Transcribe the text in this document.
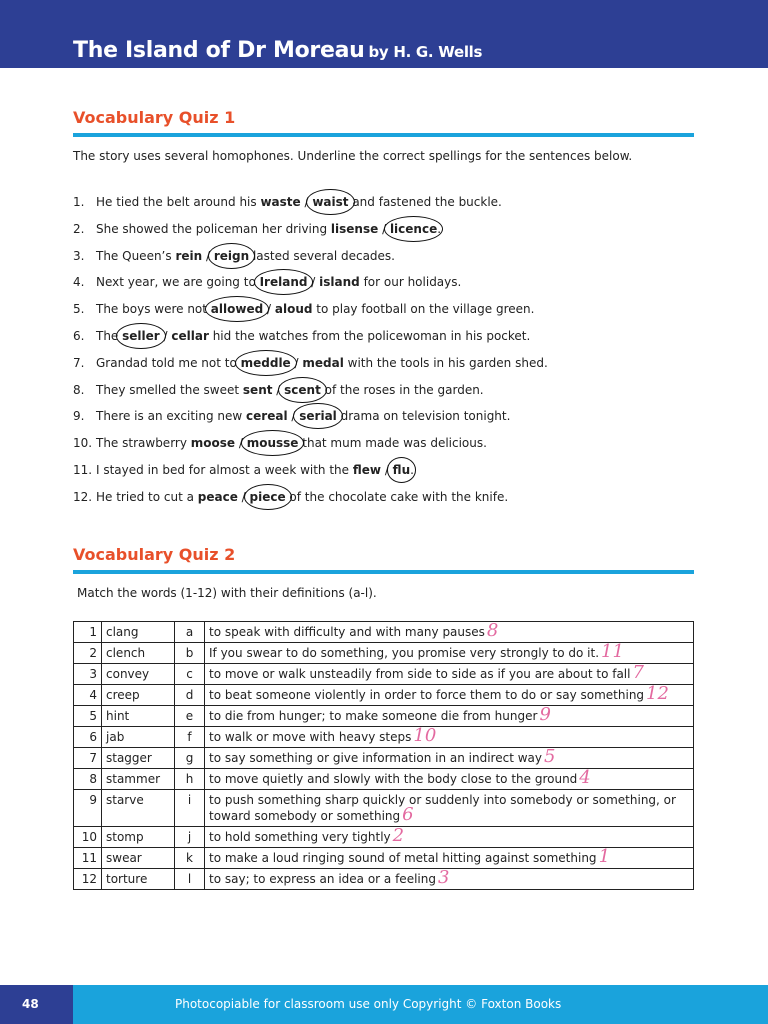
The Island of Dr Moreau by H. G. Wells
Vocabulary Quiz 1
The story uses several homophones. Underline the correct spellings for the sentences below.
1. He tied the belt around his waste / waist and fastened the buckle.
2. She showed the policeman her driving lisense / licence.
3. The Queen’s rein / reign lasted several decades.
4. Next year, we are going to Ireland / island for our holidays.
5. The boys were not allowed / aloud to play football on the village green.
6. The seller / cellar hid the watches from the policewoman in his pocket.
7. Grandad told me not to meddle / medal with the tools in his garden shed.
8. They smelled the sweet sent / scent of the roses in the garden.
9. There is an exciting new cereal / serial drama on television tonight.
10. The strawberry moose / mousse that mum made was delicious.
11. I stayed in bed for almost a week with the flew / flu.
12. He tried to cut a peace / piece of the chocolate cake with the knife.
Vocabulary Quiz 2
Match the words (1-12) with their definitions (a-l).
1	clang	a	to speak with difficulty and with many pauses 8
2	clench	b	If you swear to do something, you promise very strongly to do it. 11
3	convey	c	to move or walk unsteadily from side to side as if you are about to fall 7
4	creep	d	to beat someone violently in order to force them to do or say something 12
5	hint	e	to die from hunger; to make someone die from hunger 9
6	jab	f	to walk or move with heavy steps 10
7	stagger	g	to say something or give information in an indirect way 5
8	stammer	h	to move quietly and slowly with the body close to the ground 4
9	starve	i	to push something sharp quickly or suddenly into somebody or something, or toward somebody or something 6
10	stomp	j	to hold something very tightly 2
11	swear	k	to make a loud ringing sound of metal hitting against something 1
12	torture	l	to say; to express an idea or a feeling 3
48	Photocopiable for classroom use only Copyright © Foxton Books
